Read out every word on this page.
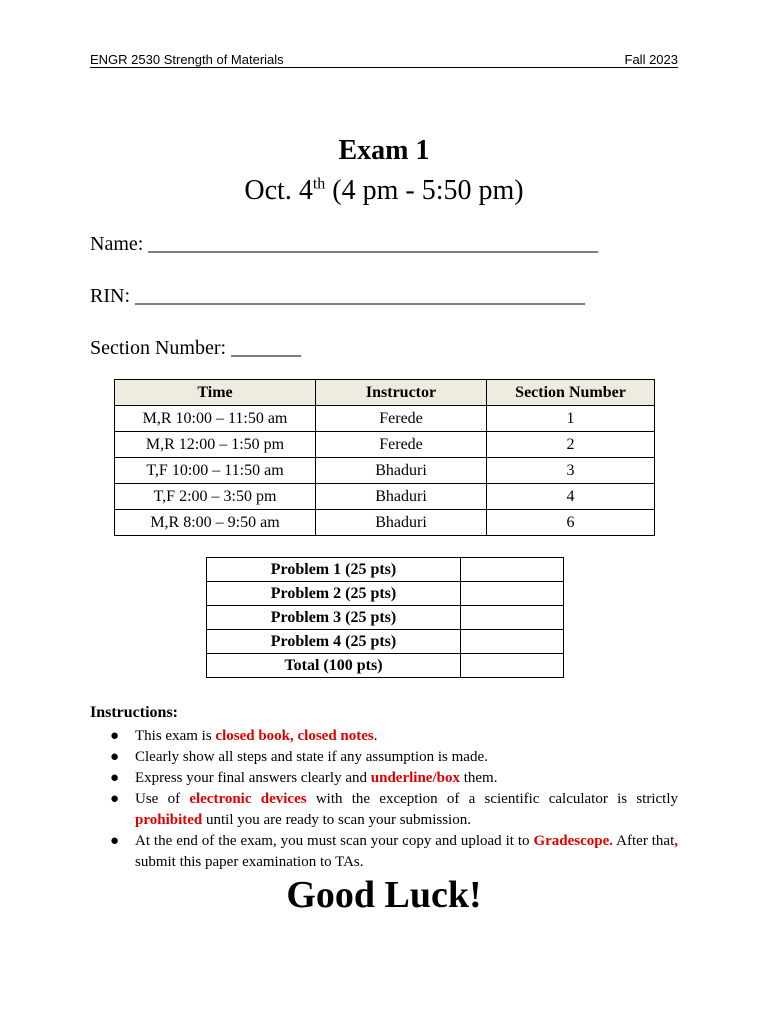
ENGR 2530 Strength of Materials	Fall 2023
Exam 1
Oct. 4th (4 pm - 5:50 pm)
Name: _____________________________________________
RIN: _____________________________________________
Section Number: _______
Time	Instructor	Section Number
M,R 10:00 – 11:50 am	Ferede	1
M,R 12:00 – 1:50 pm	Ferede	2
T,F 10:00 – 11:50 am	Bhaduri	3
T,F 2:00 – 3:50 pm	Bhaduri	4
M,R 8:00 – 9:50 am	Bhaduri	6
Problem 1 (25 pts)	
Problem 2 (25 pts)	
Problem 3 (25 pts)	
Problem 4 (25 pts)	
Total (100 pts)	
Instructions:
● This exam is closed book, closed notes.
● Clearly show all steps and state if any assumption is made.
● Express your final answers clearly and underline/box them.
● Use of electronic devices with the exception of a scientific calculator is strictly prohibited until you are ready to scan your submission.
● At the end of the exam, you must scan your copy and upload it to Gradescope. After that, submit this paper examination to TAs.
Good Luck!
